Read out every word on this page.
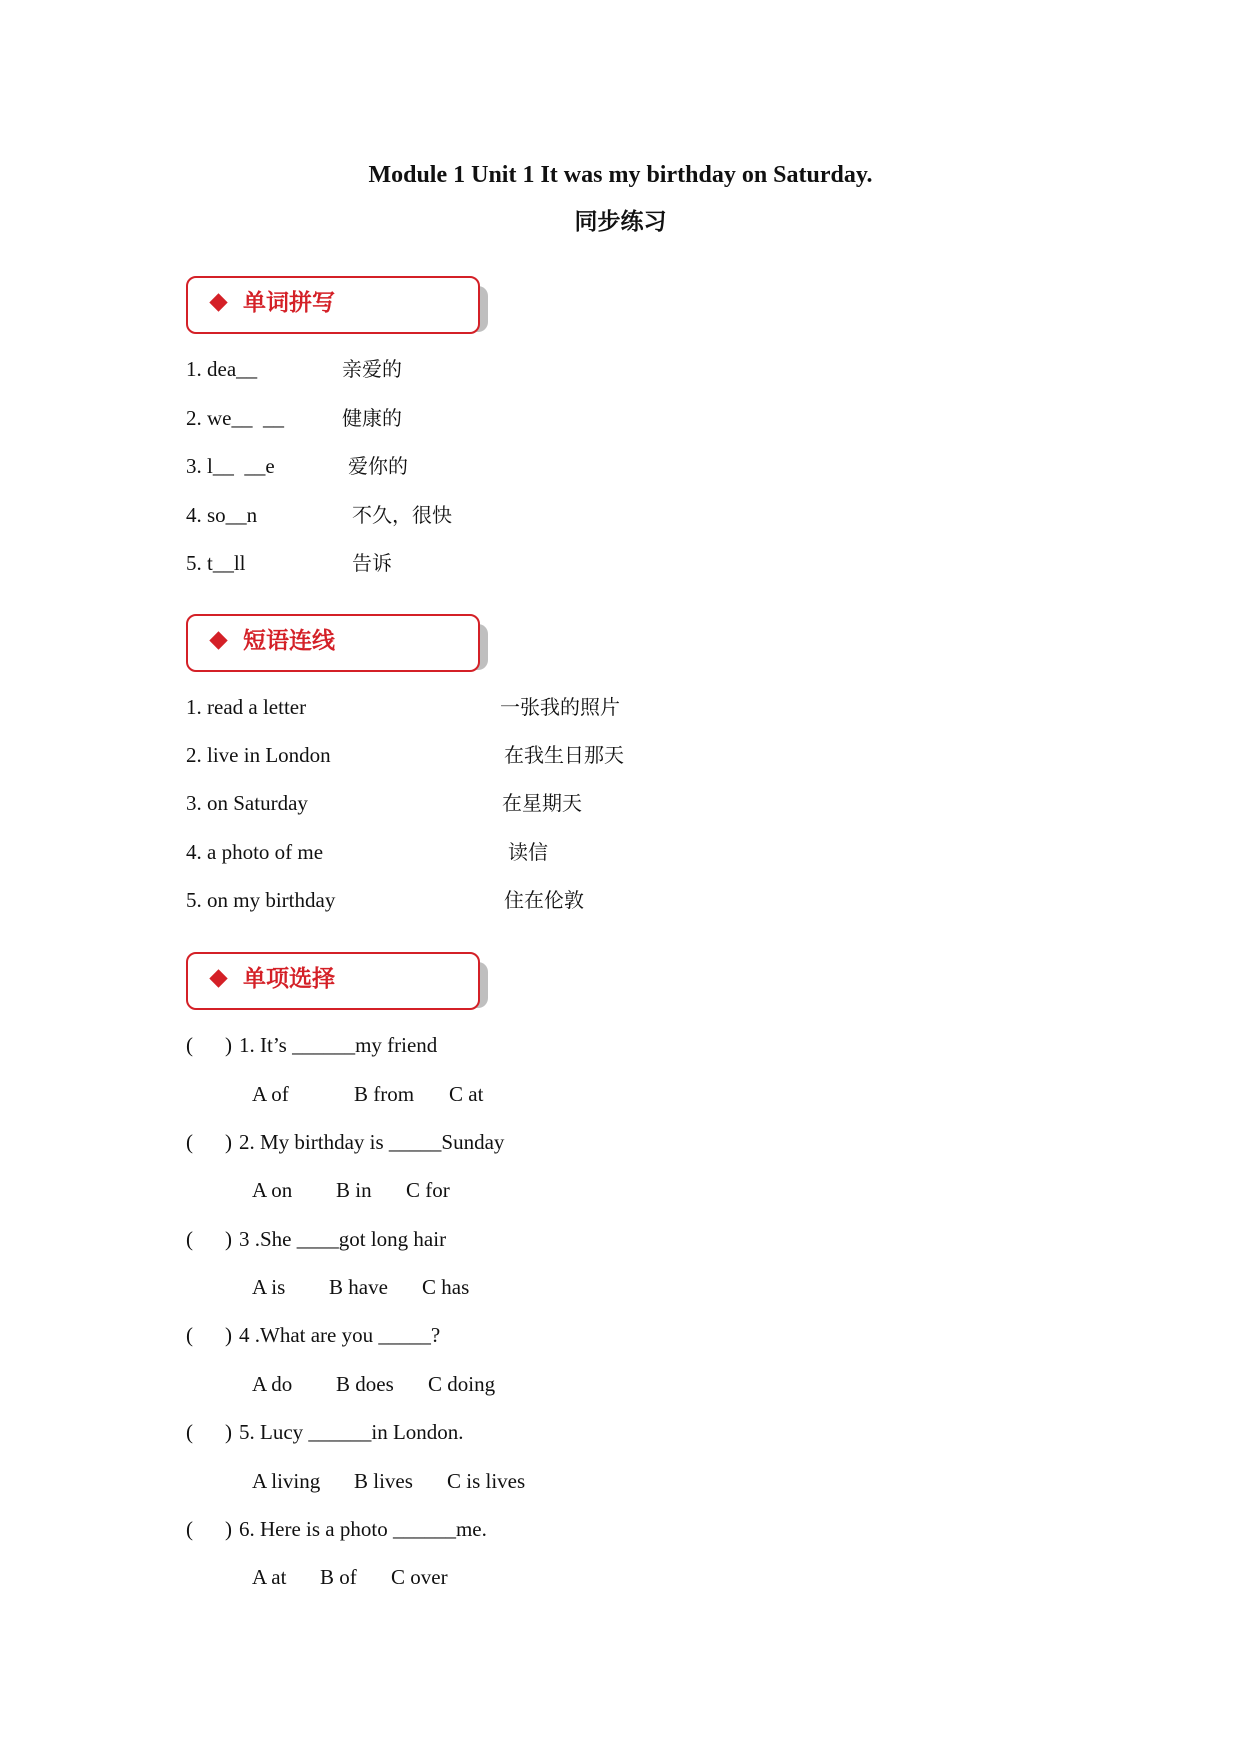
Module 1 Unit 1 It was my birthday on Saturday.
同步练习
单词拼写
1. dea__	亲爱的
2. we__  __	健康的
3. l__  __e	爱你的
4. so__n	不久，很快
5. t__ll	告诉
短语连线
1. read a letter	一张我的照片
2. live in London	在我生日那天
3. on Saturday	在星期天
4. a photo of me	读信
5. on my birthday	住在伦敦
单项选择
( ) 1. It’s ______my friend
A of	B from C at
( ) 2. My birthday is _____Sunday
A on B in C for
( ) 3 .She ____got long hair
A is B have C has
( ) 4 .What are you _____?
A do B does C doing
( ) 5. Lucy ______in London.
A living B lives C is lives
( ) 6. Here is a photo ______me.
A at B of C over
